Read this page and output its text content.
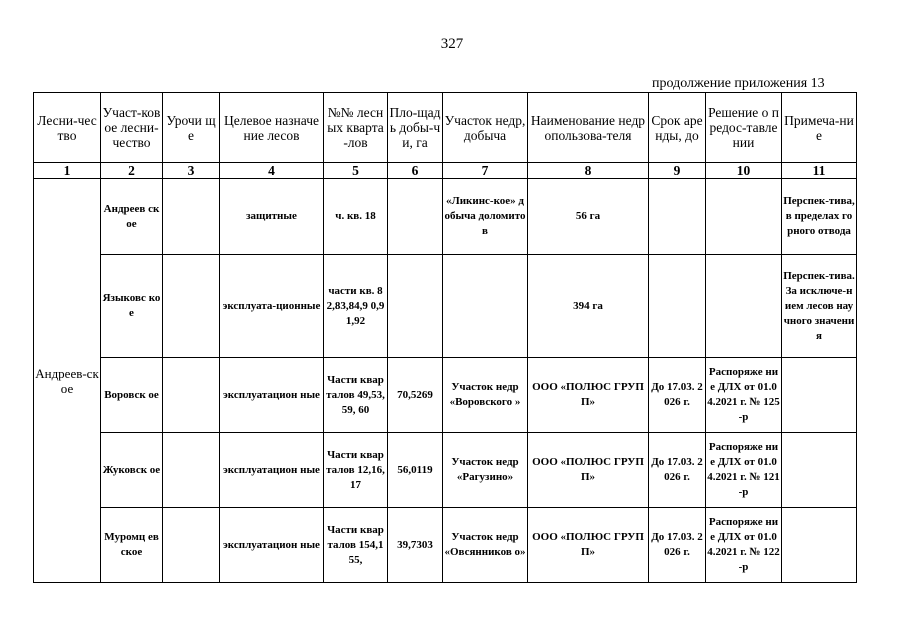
327
продолжение приложения 13
Лесни-чество	Участ-ковое лесни-чество	Урочи ще	Целевое назначение лесов	№№ лесных кварта-лов	Пло-щадь добы-чи, га	Участок недр, добыча	Наименование недропользова-теля	Срок аренды, до	Решение о предос-тавлении	Примеча-ние
1	2	3	4	5	6	7	8	9	10	11
Андреев-ское	Андреев ское		защитные	ч. кв. 18		«Ликинс-кое» добыча доломитов	56 га			Перспек-тива, в пределах горного отвода
	Языковс кое		эксплуата-ционные	части кв. 82,83,84,9 0,91,92			394 га			Перспек-тива. За исключе-нием лесов научного значения
	Воровск ое		эксплуатацион ные	Части кварталов 49,53,59, 60	70,5269	Участок недр «Воровского »	ООО «ПОЛЮС ГРУПП»	До 17.03. 2026 г.	Распоряже ние ДЛХ от 01.04.2021 г. № 125-р	
	Жуковск ое		эксплуатацион ные	Части кварталов 12,16,17	56,0119	Участок недр «Рагузино»	ООО «ПОЛЮС ГРУПП»	До 17.03. 2026 г.	Распоряже ние ДЛХ от 01.04.2021 г. № 121-р	
	Муромц евское		эксплуатацион ные	Части кварталов 154,155,	39,7303	Участок недр «Овсянников о»	ООО «ПОЛЮС ГРУПП»	До 17.03. 2026 г.	Распоряже ние ДЛХ от 01.04.2021 г. № 122-р	
